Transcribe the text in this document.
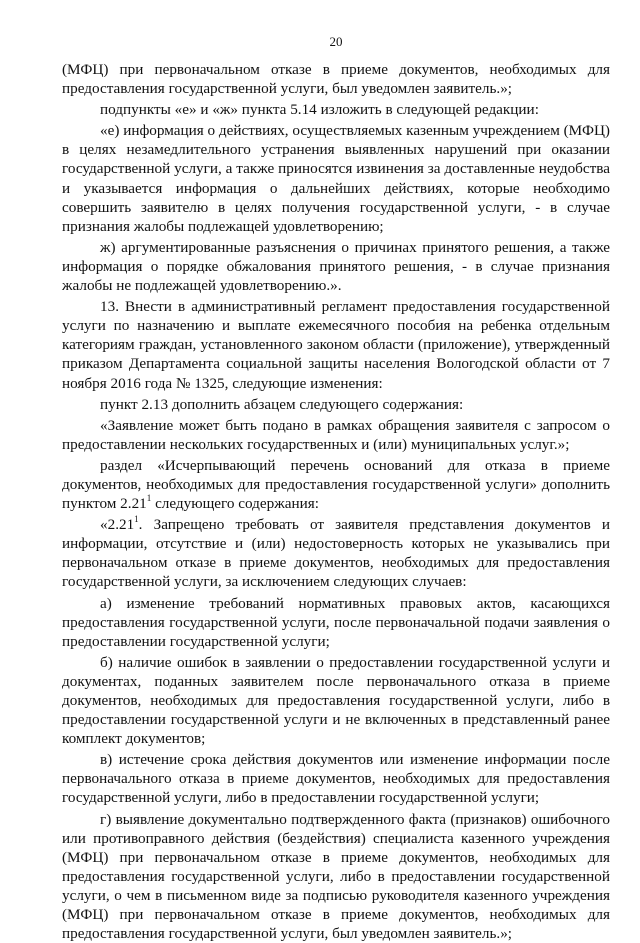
20

(МФЦ) при первоначальном отказе в приеме документов, необходимых для предоставления государственной услуги, был уведомлен заявитель.»;

подпункты «е» и «ж» пункта 5.14 изложить в следующей редакции:

«е) информация о действиях, осуществляемых казенным учреждением (МФЦ) в целях незамедлительного устранения выявленных нарушений при оказании государственной услуги, а также приносятся извинения за доставленные неудобства и указывается информация о дальнейших действиях, которые необходимо совершить заявителю в целях получения государственной услуги, - в случае признания жалобы подлежащей удовлетворению;

ж) аргументированные разъяснения о причинах принятого решения, а также информация о порядке обжалования принятого решения, - в случае признания жалобы не подлежащей удовлетворению.».

13. Внести в административный регламент предоставления государственной услуги по назначению и выплате ежемесячного пособия на ребенка отдельным категориям граждан, установленного законом области (приложение), утвержденный приказом Департамента социальной защиты населения Вологодской области от 7 ноября 2016 года № 1325, следующие изменения:

пункт 2.13 дополнить абзацем следующего содержания:

«Заявление может быть подано в рамках обращения заявителя с запросом о предоставлении нескольких государственных и (или) муниципальных услуг.»;

раздел «Исчерпывающий перечень оснований для отказа в приеме документов, необходимых для предоставления государственной услуги» дополнить пунктом 2.21$^1$ следующего содержания:

«2.21$^1$. Запрещено требовать от заявителя представления документов и информации, отсутствие и (или) недостоверность которых не указывались при первоначальном отказе в приеме документов, необходимых для предоставления государственной услуги, за исключением следующих случаев:

а) изменение требований нормативных правовых актов, касающихся предоставления государственной услуги, после первоначальной подачи заявления о предоставлении государственной услуги;

б) наличие ошибок в заявлении о предоставлении государственной услуги и документах, поданных заявителем после первоначального отказа в приеме документов, необходимых для предоставления государственной услуги, либо в предоставлении государственной услуги и не включенных в представленный ранее комплект документов;

в) истечение срока действия документов или изменение информации после первоначального отказа в приеме документов, необходимых для предоставления государственной услуги, либо в предоставлении государственной услуги;

г) выявление документально подтвержденного факта (признаков) ошибочного или противоправного действия (бездействия) специалиста казенного учреждения (МФЦ) при первоначальном отказе в приеме документов, необходимых для предоставления государственной услуги, либо в предоставлении государственной услуги, о чем в письменном виде за подписью руководителя казенного учреждения (МФЦ) при первоначальном отказе в приеме документов, необходимых для предоставления государственной услуги, был уведомлен заявитель.»;
